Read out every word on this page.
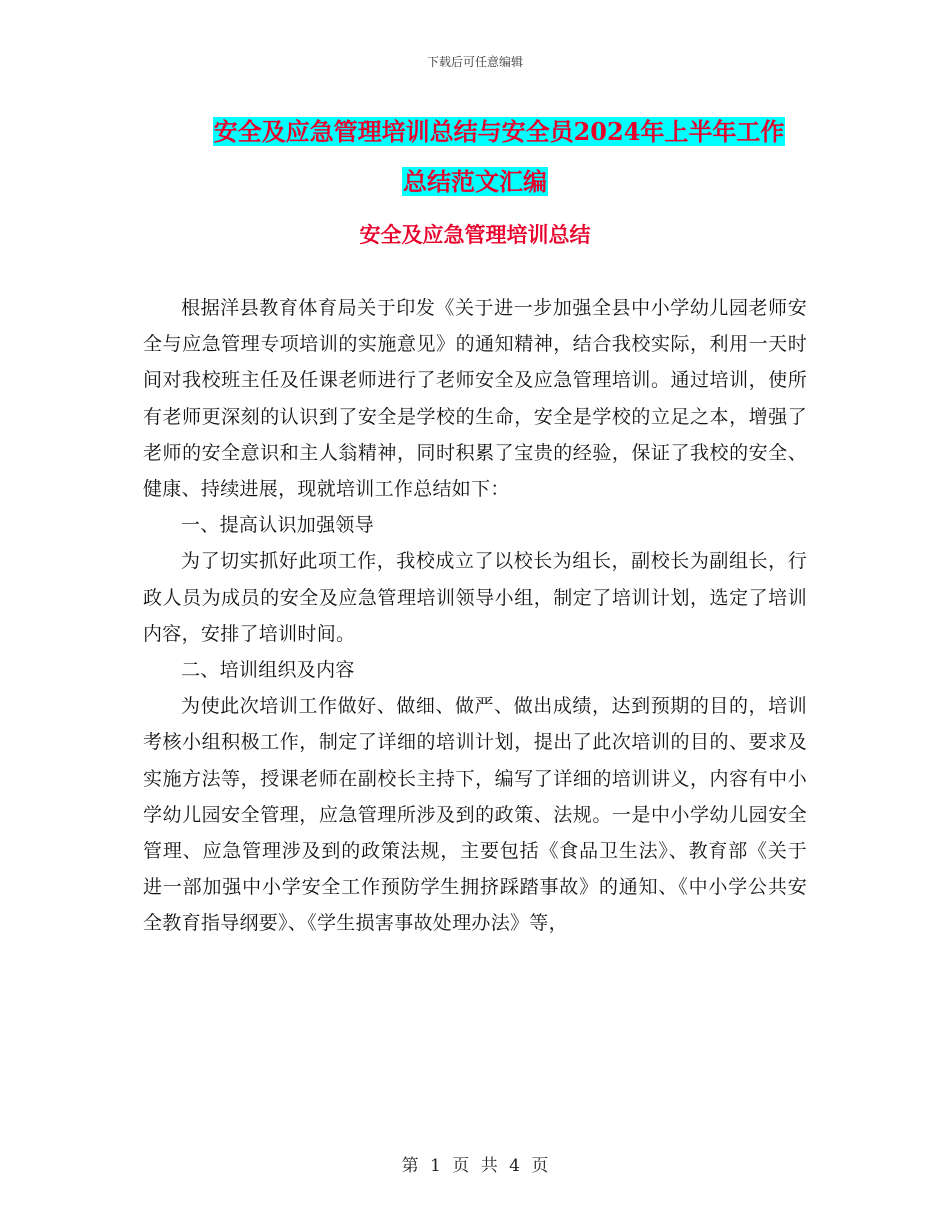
下载后可任意编辑
安全及应急管理培训总结与安全员2024年上半年工作
总结范文汇编
安全及应急管理培训总结

根据洋县教育体育局关于印发《关于进一步加强全县中小学幼儿园老师安全与应急管理专项培训的实施意见》的通知精神，结合我校实际，利用一天时间对我校班主任及任课老师进行了老师安全及应急管理培训。通过培训，使所有老师更深刻的认识到了安全是学校的生命，安全是学校的立足之本，增强了老师的安全意识和主人翁精神，同时积累了宝贵的经验，保证了我校的安全、健康、持续进展，现就培训工作总结如下：

一、提高认识加强领导

为了切实抓好此项工作，我校成立了以校长为组长，副校长为副组长，行政人员为成员的安全及应急管理培训领导小组，制定了培训计划，选定了培训内容，安排了培训时间。

二、培训组织及内容

为使此次培训工作做好、做细、做严、做出成绩，达到预期的目的，培训考核小组积极工作，制定了详细的培训计划，提出了此次培训的目的、要求及实施方法等，授课老师在副校长主持下，编写了详细的培训讲义，内容有中小学幼儿园安全管理，应急管理所涉及到的政策、法规。一是中小学幼儿园安全管理、应急管理涉及到的政策法规，主要包括《食品卫生法》、教育部《关于进一部加强中小学安全工作预防学生拥挤踩踏事故》的通知、《中小学公共安全教育指导纲要》、《学生损害事故处理办法》等，

第 1 页 共 4 页
